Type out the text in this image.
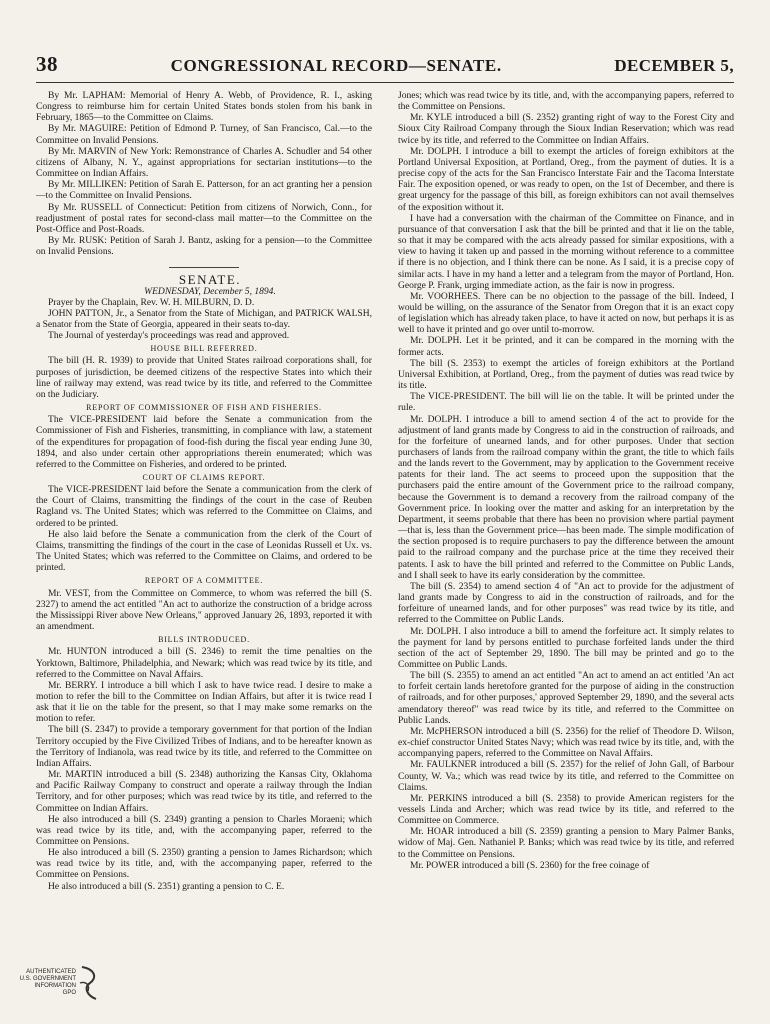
38	CONGRESSIONAL RECORD—SENATE.	DECEMBER 5,

By Mr. LAPHAM: Memorial of Henry A. Webb, of Providence, R. I., asking Congress to reimburse him for certain United States bonds stolen from his bank in February, 1865—to the Committee on Claims.

By Mr. MAGUIRE: Petition of Edmond P. Turney, of San Francisco, Cal.—to the Committee on Invalid Pensions.

By Mr. MARVIN of New York: Remonstrance of Charles A. Schudler and 54 other citizens of Albany, N. Y., against appropriations for sectarian institutions—to the Committee on Indian Affairs.

By Mr. MILLIKEN: Petition of Sarah E. Patterson, for an act granting her a pension—to the Committee on Invalid Pensions.

By Mr. RUSSELL of Connecticut: Petition from citizens of Norwich, Conn., for readjustment of postal rates for second-class mail matter—to the Committee on the Post-Office and Post-Roads.

By Mr. RUSK: Petition of Sarah J. Bantz, asking for a pension—to the Committee on Invalid Pensions.

SENATE.

WEDNESDAY, December 5, 1894.

Prayer by the Chaplain, Rev. W. H. MILBURN, D. D.

JOHN PATTON, Jr., a Senator from the State of Michigan, and PATRICK WALSH, a Senator from the State of Georgia, appeared in their seats to-day.

The Journal of yesterday's proceedings was read and approved.

HOUSE BILL REFERRED.

The bill (H. R. 1939) to provide that United States railroad corporations shall, for purposes of jurisdiction, be deemed citizens of the respective States into which their line of railway may extend, was read twice by its title, and referred to the Committee on the Judiciary.

REPORT OF COMMISSIONER OF FISH AND FISHERIES.

The VICE-PRESIDENT laid before the Senate a communication from the Commissioner of Fish and Fisheries, transmitting, in compliance with law, a statement of the expenditures for propagation of food-fish during the fiscal year ending June 30, 1894, and also under certain other appropriations therein enumerated; which was referred to the Committee on Fisheries, and ordered to be printed.

COURT OF CLAIMS REPORT.

The VICE-PRESIDENT laid before the Senate a communication from the clerk of the Court of Claims, transmitting the findings of the court in the case of Reuben Ragland vs. The United States; which was referred to the Committee on Claims, and ordered to be printed.

He also laid before the Senate a communication from the clerk of the Court of Claims, transmitting the findings of the court in the case of Leonidas Russell et Ux. vs. The United States; which was referred to the Committee on Claims, and ordered to be printed.

REPORT OF A COMMITTEE.

Mr. VEST, from the Committee on Commerce, to whom was referred the bill (S. 2327) to amend the act entitled "An act to authorize the construction of a bridge across the Mississippi River above New Orleans," approved January 26, 1893, reported it with an amendment.

BILLS INTRODUCED.

Mr. HUNTON introduced a bill (S. 2346) to remit the time penalties on the Yorktown, Baltimore, Philadelphia, and Newark; which was read twice by its title, and referred to the Committee on Naval Affairs.

Mr. BERRY. I introduce a bill which I ask to have twice read. I desire to make a motion to refer the bill to the Committee on Indian Affairs, but after it is twice read I ask that it lie on the table for the present, so that I may make some remarks on the motion to refer.

The bill (S. 2347) to provide a temporary government for that portion of the Indian Territory occupied by the Five Civilized Tribes of Indians, and to be hereafter known as the Territory of Indianola, was read twice by its title, and referred to the Committee on Indian Affairs.

Mr. MARTIN introduced a bill (S. 2348) authorizing the Kansas City, Oklahoma and Pacific Railway Company to construct and operate a railway through the Indian Territory, and for other purposes; which was read twice by its title, and referred to the Committee on Indian Affairs.

He also introduced a bill (S. 2349) granting a pension to Charles Moraeni; which was read twice by its title, and, with the accompanying paper, referred to the Committee on Pensions.

He also introduced a bill (S. 2350) granting a pension to James Richardson; which was read twice by its title, and, with the accompanying paper, referred to the Committee on Pensions.

He also introduced a bill (S. 2351) granting a pension to C. E.

Jones; which was read twice by its title, and, with the accompanying papers, referred to the Committee on Pensions.

Mr. KYLE introduced a bill (S. 2352) granting right of way to the Forest City and Sioux City Railroad Company through the Sioux Indian Reservation; which was read twice by its title, and referred to the Committee on Indian Affairs.

Mr. DOLPH. I introduce a bill to exempt the articles of foreign exhibitors at the Portland Universal Exposition, at Portland, Oreg., from the payment of duties. It is a precise copy of the acts for the San Francisco Interstate Fair and the Tacoma Interstate Fair. The exposition opened, or was ready to open, on the 1st of December, and there is great urgency for the passage of this bill, as foreign exhibitors can not avail themselves of the exposition without it.

I have had a conversation with the chairman of the Committee on Finance, and in pursuance of that conversation I ask that the bill be printed and that it lie on the table, so that it may be compared with the acts already passed for similar expositions, with a view to having it taken up and passed in the morning without reference to a committee if there is no objection, and I think there can be none. As I said, it is a precise copy of similar acts. I have in my hand a letter and a telegram from the mayor of Portland, Hon. George P. Frank, urging immediate action, as the fair is now in progress.

Mr. VOORHEES. There can be no objection to the passage of the bill. Indeed, I would be willing, on the assurance of the Senator from Oregon that it is an exact copy of legislation which has already taken place, to have it acted on now, but perhaps it is as well to have it printed and go over until to-morrow.

Mr. DOLPH. Let it be printed, and it can be compared in the morning with the former acts.

The bill (S. 2353) to exempt the articles of foreign exhibitors at the Portland Universal Exhibition, at Portland, Oreg., from the payment of duties was read twice by its title.

The VICE-PRESIDENT. The bill will lie on the table. It will be printed under the rule.

Mr. DOLPH. I introduce a bill to amend section 4 of the act to provide for the adjustment of land grants made by Congress to aid in the construction of railroads, and for the forfeiture of unearned lands, and for other purposes. Under that section purchasers of lands from the railroad company within the grant, the title to which fails and the lands revert to the Government, may by application to the Government receive patents for their land. The act seems to proceed upon the supposition that the purchasers paid the entire amount of the Government price to the railroad company, because the Government is to demand a recovery from the railroad company of the Government price. In looking over the matter and asking for an interpretation by the Department, it seems probable that there has been no provision where partial payment—that is, less than the Government price—has been made. The simple modification of the section proposed is to require purchasers to pay the difference between the amount paid to the railroad company and the purchase price at the time they received their patents. I ask to have the bill printed and referred to the Committee on Public Lands, and I shall seek to have its early consideration by the committee.

The bill (S. 2354) to amend section 4 of "An act to provide for the adjustment of land grants made by Congress to aid in the construction of railroads, and for the forfeiture of unearned lands, and for other purposes" was read twice by its title, and referred to the Committee on Public Lands.

Mr. DOLPH. I also introduce a bill to amend the forfeiture act. It simply relates to the payment for land by persons entitled to purchase forfeited lands under the third section of the act of September 29, 1890. The bill may be printed and go to the Committee on Public Lands.

The bill (S. 2355) to amend an act entitled "An act to amend an act entitled 'An act to forfeit certain lands heretofore granted for the purpose of aiding in the construction of railroads, and for other purposes,' approved September 29, 1890, and the several acts amendatory thereof" was read twice by its title, and referred to the Committee on Public Lands.

Mr. McPHERSON introduced a bill (S. 2356) for the relief of Theodore D. Wilson, ex-chief constructor United States Navy; which was read twice by its title, and, with the accompanying papers, referred to the Committee on Naval Affairs.

Mr. FAULKNER introduced a bill (S. 2357) for the relief of John Gall, of Barbour County, W. Va.; which was read twice by its title, and referred to the Committee on Claims.

Mr. PERKINS introduced a bill (S. 2358) to provide American registers for the vessels Linda and Archer; which was read twice by its title, and referred to the Committee on Commerce.

Mr. HOAR introduced a bill (S. 2359) granting a pension to Mary Palmer Banks, widow of Maj. Gen. Nathaniel P. Banks; which was read twice by its title, and referred to the Committee on Pensions.

Mr. POWER introduced a bill (S. 2360) for the free coinage of

AUTHENTICATED
U.S. GOVERNMENT
INFORMATION
GPO
